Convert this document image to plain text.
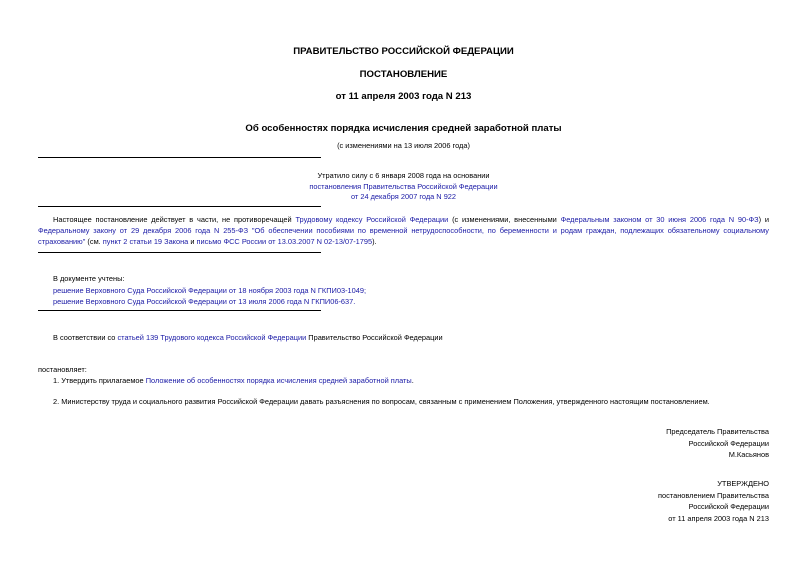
ПРАВИТЕЛЬСТВО РОССИЙСКОЙ ФЕДЕРАЦИИ
ПОСТАНОВЛЕНИЕ
от 11 апреля 2003 года N 213
Об особенностях порядка исчисления средней заработной платы
(с изменениями на 13 июля 2006 года)
Утратило силу с 6 января 2008 года на основании
постановления Правительства Российской Федерации
от 24 декабря 2007 года N 922
Настоящее постановление действует в части, не противоречащей Трудовому кодексу Российской Федерации (с изменениями, внесенными Федеральным законом от 30 июня 2006 года N 90-ФЗ) и Федеральному закону от 29 декабря 2006 года N 255-ФЗ "Об обеспечении пособиями по временной нетрудоспособности, по беременности и родам граждан, подлежащих обязательному социальному страхованию" (см. пункт 2 статьи 19 Закона и письмо ФСС России от 13.03.2007 N 02-13/07-1795).
В документе учтены:
решение Верховного Суда Российской Федерации от 18 ноября 2003 года N ГКПИ03-1049;
решение Верховного Суда Российской Федерации от 13 июля 2006 года N ГКПИ06-637.
В соответствии со статьей 139 Трудового кодекса Российской Федерации Правительство Российской Федерации
постановляет:
1. Утвердить прилагаемое Положение об особенностях порядка исчисления средней заработной платы.
2. Министерству труда и социального развития Российской Федерации давать разъяснения по вопросам, связанным с применением Положения, утвержденного настоящим постановлением.
Председатель Правительства
Российской Федерации
М.Касьянов
УТВЕРЖДЕНО
постановлением Правительства
Российской Федерации
от 11 апреля 2003 года N 213
